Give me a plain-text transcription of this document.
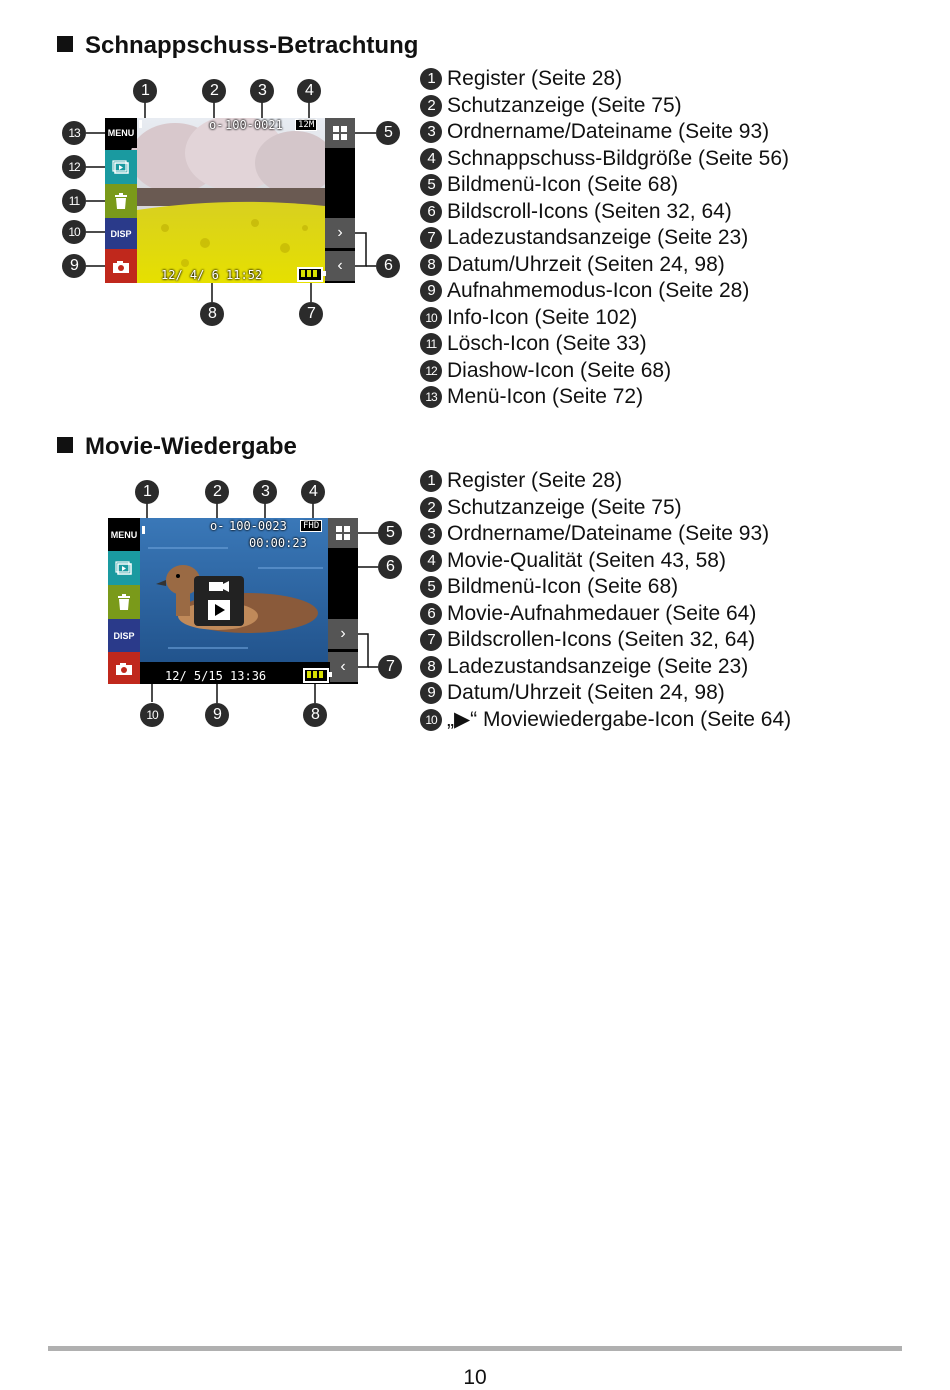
Schnappschuss-Betrachtung
MENU
DISP
o- 100-0021	12M
›
‹
12/ 4/ 6 11:52
1	2	3	4
5
6
7
8
9
10
11
12
13
1 Register (Seite 28)
2 Schutzanzeige (Seite 75)
3 Ordnername/Dateiname (Seite 93)
4 Schnappschuss-Bildgröße (Seite 56)
5 Bildmenü-Icon (Seite 68)
6 Bildscroll-Icons (Seiten 32, 64)
7 Ladezustandsanzeige (Seite 23)
8 Datum/Uhrzeit (Seiten 24, 98)
9 Aufnahmemodus-Icon (Seite 28)
10 Info-Icon (Seite 102)
11 Lösch-Icon (Seite 33)
12 Diashow-Icon (Seite 68)
13 Menü-Icon (Seite 72)
Movie-Wiedergabe
MENU
DISP
o- 100-0023	FHD
00:00:23
›
‹
12/ 5/15 13:36
1	2	3	4
5
6
7
8
9
10
1 Register (Seite 28)
2 Schutzanzeige (Seite 75)
3 Ordnername/Dateiname (Seite 93)
4 Movie-Qualität (Seiten 43, 58)
5 Bildmenü-Icon (Seite 68)
6 Movie-Aufnahmedauer (Seite 64)
7 Bildscrollen-Icons (Seiten 32, 64)
8 Ladezustandsanzeige (Seite 23)
9 Datum/Uhrzeit (Seiten 24, 98)
10 „▶“ Moviewiedergabe-Icon (Seite 64)
10
